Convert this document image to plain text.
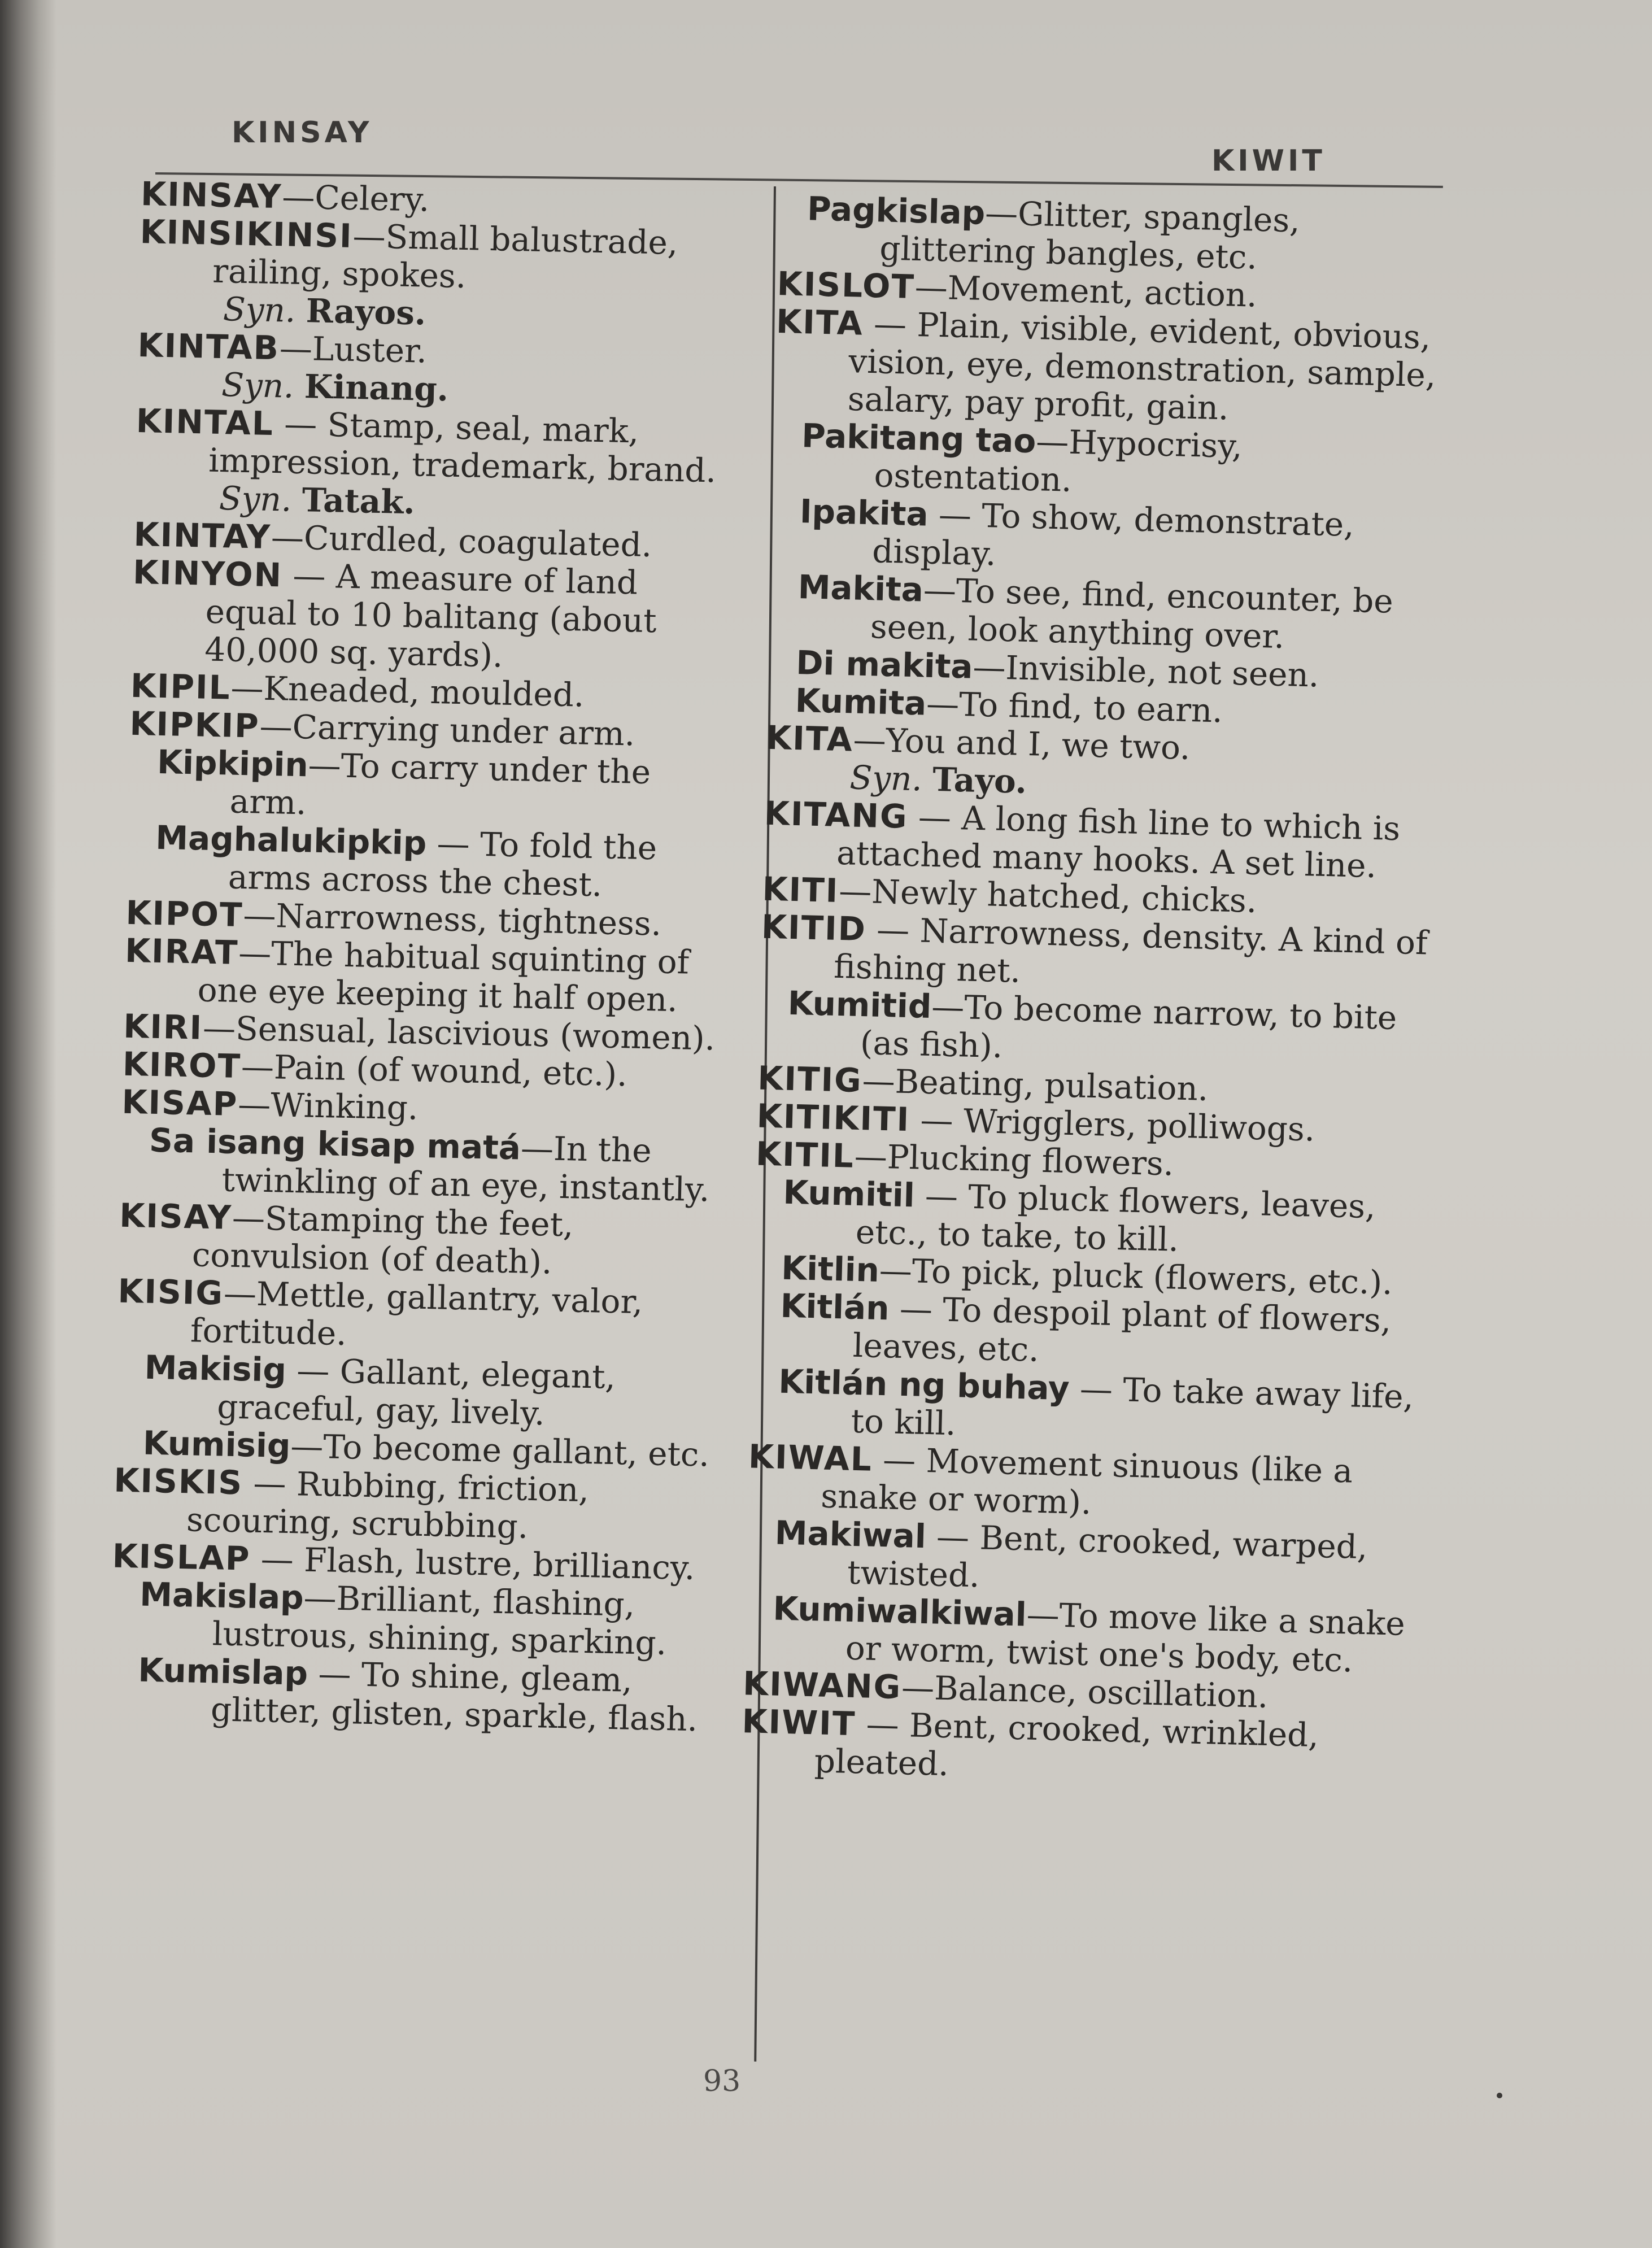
KINSAY
KIWIT

KINSAY—Celery.

KINSIKINSI—Small balustrade, railing, spokes.

Syn. Rayos.

KINTAB—Luster.

Syn. Kinang.

KINTAL — Stamp, seal, mark, impression, trademark, brand.

Syn. Tatak.

KINTAY—Curdled, coagulated.

KINYON — A measure of land equal to 10 balitang (about 40,000 sq. yards).

KIPIL—Kneaded, moulded.

KIPKIP—Carrying under arm.

Kipkipin—To carry under the arm.

Maghalukipkip — To fold the arms across the chest.

KIPOT—Narrowness, tightness.

KIRAT—The habitual squinting of one eye keeping it half open.

KIRI—Sensual, lascivious (women).

KIROT—Pain (of wound, etc.).

KISAP—Winking.

Sa isang kisap matá—In the twinkling of an eye, instantly.

KISAY—Stamping the feet, convulsion (of death).

KISIG—Mettle, gallantry, valor, fortitude.

Makisig — Gallant, elegant, graceful, gay, lively.

Kumisig—To become gallant, etc.

KISKIS — Rubbing, friction, scouring, scrubbing.

KISLAP — Flash, lustre, brilliancy.

Makislap—Brilliant, flashing, lustrous, shining, sparking.

Kumislap — To shine, gleam, glitter, glisten, sparkle, flash.

Pagkislap—Glitter, spangles, glittering bangles, etc.

KISLOT—Movement, action.

KITA — Plain, visible, evident, obvious, vision, eye, demonstration, sample, salary, pay profit, gain.

Pakitang tao—Hypocrisy, ostentation.

Ipakita — To show, demonstrate, display.

Makita—To see, find, encounter, be seen, look anything over.

Di makita—Invisible, not seen.

Kumita—To find, to earn.

KITA—You and I, we two.

Syn. Tayo.

KITANG — A long fish line to which is attached many hooks. A set line.

KITI—Newly hatched, chicks.

KITID — Narrowness, density. A kind of fishing net.

Kumitid—To become narrow, to bite (as fish).

KITIG—Beating, pulsation.

KITIKITI — Wrigglers, polliwogs.

KITIL—Plucking flowers.

Kumitil — To pluck flowers, leaves, etc., to take, to kill.

Kitlin—To pick, pluck (flowers, etc.).

Kitlán — To despoil plant of flowers, leaves, etc.

Kitlán ng buhay — To take away life, to kill.

KIWAL — Movement sinuous (like a snake or worm).

Makiwal — Bent, crooked, warped, twisted.

Kumiwalkiwal—To move like a snake or worm, twist one's body, etc.

KIWANG—Balance, oscillation.

KIWIT — Bent, crooked, wrinkled, pleated.

93
